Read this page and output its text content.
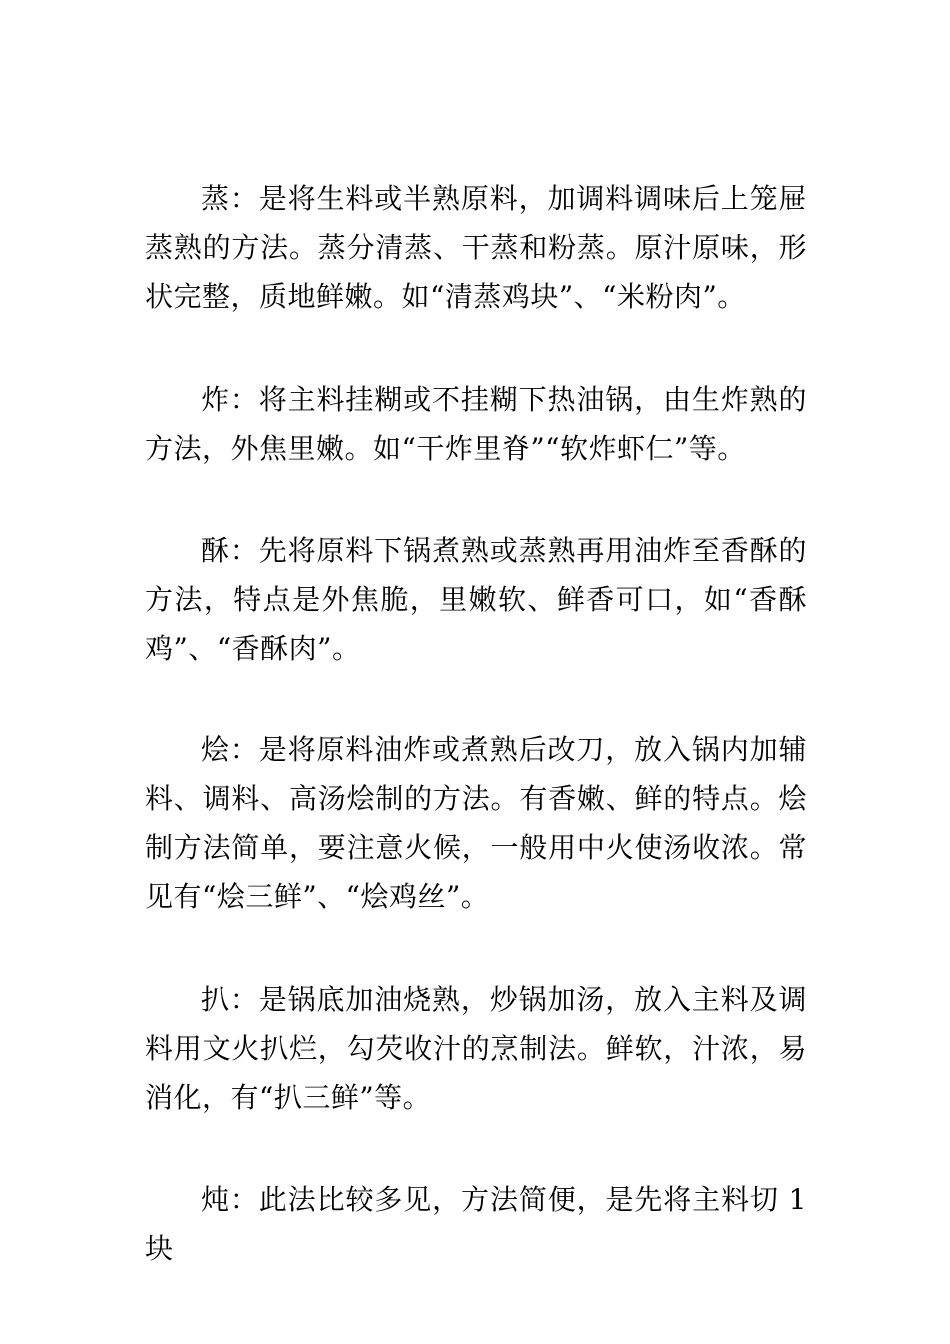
蒸：是将生料或半熟原料，加调料调味后上笼屉蒸熟的方法。蒸分清蒸、干蒸和粉蒸。原汁原味，形状完整，质地鲜嫩。如“清蒸鸡块”、“米粉肉”。

炸：将主料挂糊或不挂糊下热油锅，由生炸熟的方法，外焦里嫩。如“干炸里脊”“软炸虾仁”等。

酥：先将原料下锅煮熟或蒸熟再用油炸至香酥的方法，特点是外焦脆，里嫩软、鲜香可口，如“香酥鸡”、“香酥肉”。

烩：是将原料油炸或煮熟后改刀，放入锅内加辅料、调料、高汤烩制的方法。有香嫩、鲜的特点。烩制方法简单，要注意火候，一般用中火使汤收浓。常见有“烩三鲜”、“烩鸡丝”。

扒：是锅底加油烧熟，炒锅加汤，放入主料及调料用文火扒烂，勾芡收汁的烹制法。鲜软，汁浓，易消化，有“扒三鲜”等。

炖：此法比较多见，方法简便，是先将主料切 1 块
